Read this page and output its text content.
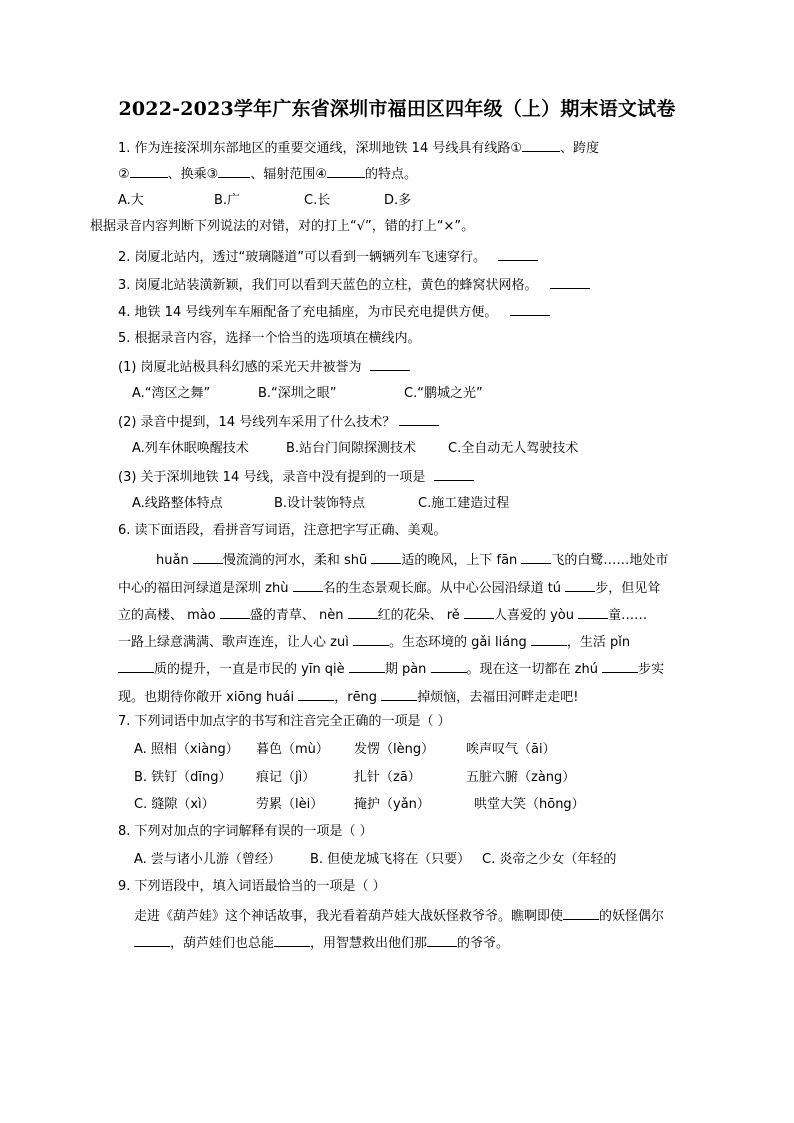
2022-2023学年广东省深圳市福田区四年级（上）期末语文试卷
1. 作为连接深圳东部地区的重要交通线，深圳地铁 14 号线具有线路①	、跨度
②	、换乘③ 、辐射范围④	的特点。
A.大	B.广	C.长	D.多
根据录音内容判断下列说法的对错，对的打上“√”，错的打上“×”。
2. 岗厦北站内，透过“玻璃隧道”可以看到一辆辆列车飞速穿行。
3. 岗厦北站装潢新颖，我们可以看到天蓝色的立柱，黄色的蜂窝状网格。
4. 地铁 14 号线列车车厢配备了充电插座，为市民充电提供方便。
5. 根据录音内容，选择一个恰当的选项填在横线内。
(1) 岗厦北站极具科幻感的采光天井被誉为
A.“湾区之舞”	B.“深圳之眼”	C.“鹏城之光”
(2) 录音中提到，14 号线列车采用了什么技术？
A.列车休眠唤醒技术	B.站台门间隙探测技术 C.全自动无人驾驶技术
(3) 关于深圳地铁 14 号线，录音中没有提到的一项是
A.线路整体特点	B.设计装饰特点	C.施工建造过程
6. 读下面语段，看拼音写词语，注意把字写正确、美观。
huǎn	慢流淌的河水，柔和 shū	适的晚风，上下 fān	飞的白鹭……地处市
中心的福田河绿道是深圳 zhù	名的生态景观长廊。从中心公园沿绿道 tú	步，但见耸
立的高楼、 mào	盛的青草、 nèn	红的花朵、 rě	人喜爱的 yòu	童……
一路上绿意满满、歌声连连，让人心 zuì	。生态环境的 gǎi liáng	，生活 pǐn
质的提升，一直是市民的 yīn qiè	期 pàn	。现在这一切都在 zhú	步实
现。也期待你敞开 xiōng huái	，rēng	掉烦恼，去福田河畔走走吧!
7. 下列词语中加点字的书写和注音完全正确的一项是（ ）
A. 照相（xiàng） 暮色（mù） 发愣（lèng） 唉声叹气（āi）
B. 铁钉（dīng） 痕记（jì）	扎针（zā）	五脏六腑（zàng）
C. 缝隙（xì）	劳累（lèi） 掩护（yǎn）	哄堂大笑（hōng）
8. 下列对加点的字词解释有误的一项是（ ）
A. 尝与诸小儿游（曾经） B. 但使龙城飞将在（只要） C. 炎帝之少女（年轻的
9. 下列语段中，填入词语最恰当的一项是（ ）
走进《葫芦娃》这个神话故事，我光看着葫芦娃大战妖怪救爷爷。瞧啊即使	的妖怪偶尔
，葫芦娃们也总能	，用智慧救出他们那 的爷爷。
